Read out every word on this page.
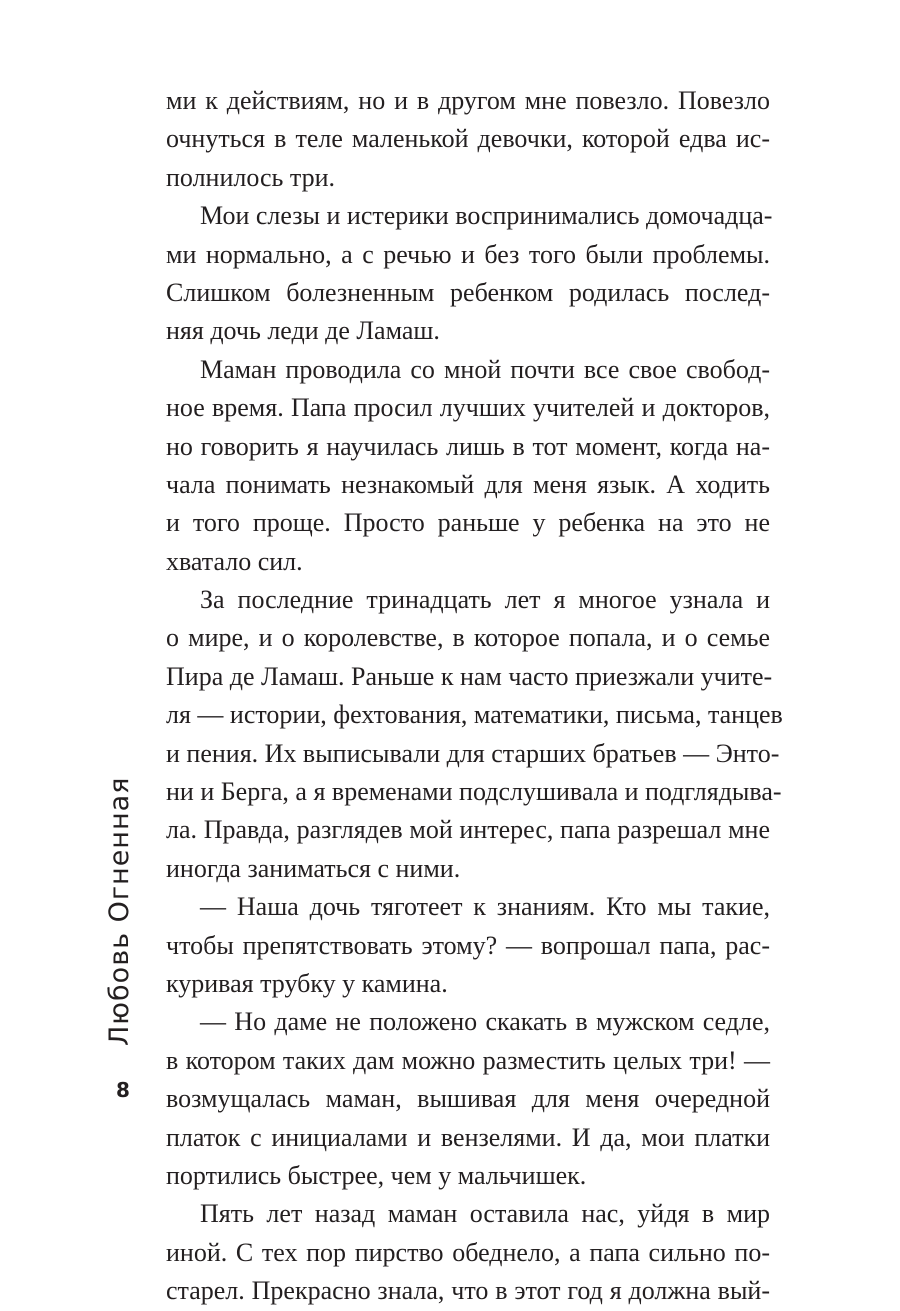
ми к действиям, но и в другом мне повезло. Повезло
очнуться в теле маленькой девочки, которой едва ис-
полнилось три.
Мои слезы и истерики воспринимались домочадца-
ми нормально, а с речью и без того были проблемы.
Слишком болезненным ребенком родилась послед-
няя дочь леди де Ламаш.
Маман проводила со мной почти все свое свобод-
ное время. Папа просил лучших учителей и докторов,
но говорить я научилась лишь в тот момент, когда на-
чала понимать незнакомый для меня язык. А ходить
и того проще. Просто раньше у ребенка на это не
хватало сил.
За последние тринадцать лет я многое узнала и
о мире, и о королевстве, в которое попала, и о семье
Пира де Ламаш. Раньше к нам часто приезжали учите-
ля — истории, фехтования, математики, письма, танцев
и пения. Их выписывали для старших братьев — Энто-
ни и Берга, а я временами подслушивала и подглядыва-
ла. Правда, разглядев мой интерес, папа разрешал мне
иногда заниматься с ними.
— Наша дочь тяготеет к знаниям. Кто мы такие,
чтобы препятствовать этому? — вопрошал папа, рас-
куривая трубку у камина.
— Но даме не положено скакать в мужском седле,
в котором таких дам можно разместить целых три! —
возмущалась маман, вышивая для меня очередной
платок с инициалами и вензелями. И да, мои платки
портились быстрее, чем у мальчишек.
Пять лет назад маман оставила нас, уйдя в мир
иной. С тех пор пирство обеднело, а папа сильно по-
старел. Прекрасно знала, что в этот год я должна вый-
Любовь Огненная
8
